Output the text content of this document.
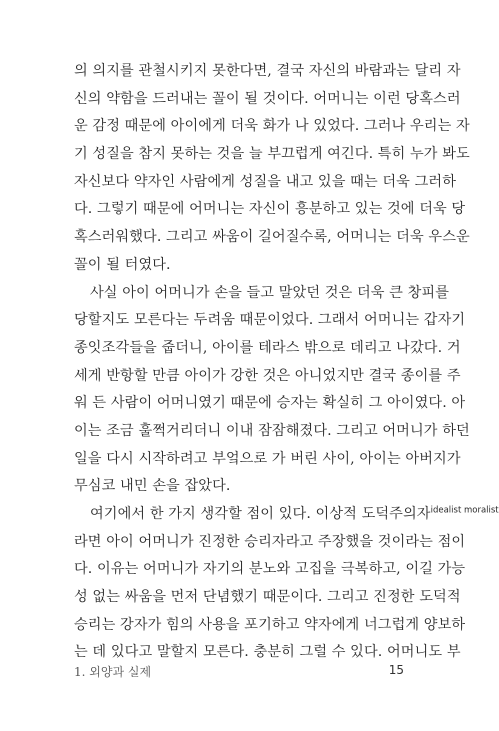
의 의지를 관철시키지 못한다면, 결국 자신의 바람과는 달리 자
신의 약함을 드러내는 꼴이 될 것이다. 어머니는 이런 당혹스러
운 감정 때문에 아이에게 더욱 화가 나 있었다. 그러나 우리는 자
기 성질을 참지 못하는 것을 늘 부끄럽게 여긴다. 특히 누가 봐도
자신보다 약자인 사람에게 성질을 내고 있을 때는 더욱 그러하
다. 그렇기 때문에 어머니는 자신이 흥분하고 있는 것에 더욱 당
혹스러워했다. 그리고 싸움이 길어질수록, 어머니는 더욱 우스운
꼴이 될 터였다.
사실 아이 어머니가 손을 들고 말았던 것은 더욱 큰 창피를
당할지도 모른다는 두려움 때문이었다. 그래서 어머니는 갑자기
종잇조각들을 줍더니, 아이를 테라스 밖으로 데리고 나갔다. 거
세게 반항할 만큼 아이가 강한 것은 아니었지만 결국 종이를 주
워 든 사람이 어머니였기 때문에 승자는 확실히 그 아이였다. 아
이는 조금 훌쩍거리더니 이내 잠잠해졌다. 그리고 어머니가 하던
일을 다시 시작하려고 부엌으로 가 버린 사이, 아이는 아버지가
무심코 내민 손을 잡았다.
여기에서 한 가지 생각할 점이 있다. 이상적 도덕주의자$^{idealist moralist}$
라면 아이 어머니가 진정한 승리자라고 주장했을 것이라는 점이
다. 이유는 어머니가 자기의 분노와 고집을 극복하고, 이길 가능
성 없는 싸움을 먼저 단념했기 때문이다. 그리고 진정한 도덕적
승리는 강자가 힘의 사용을 포기하고 약자에게 너그럽게 양보하
는 데 있다고 말할지 모른다. 충분히 그럴 수 있다. 어머니도 부
1. 외양과 실제	15
